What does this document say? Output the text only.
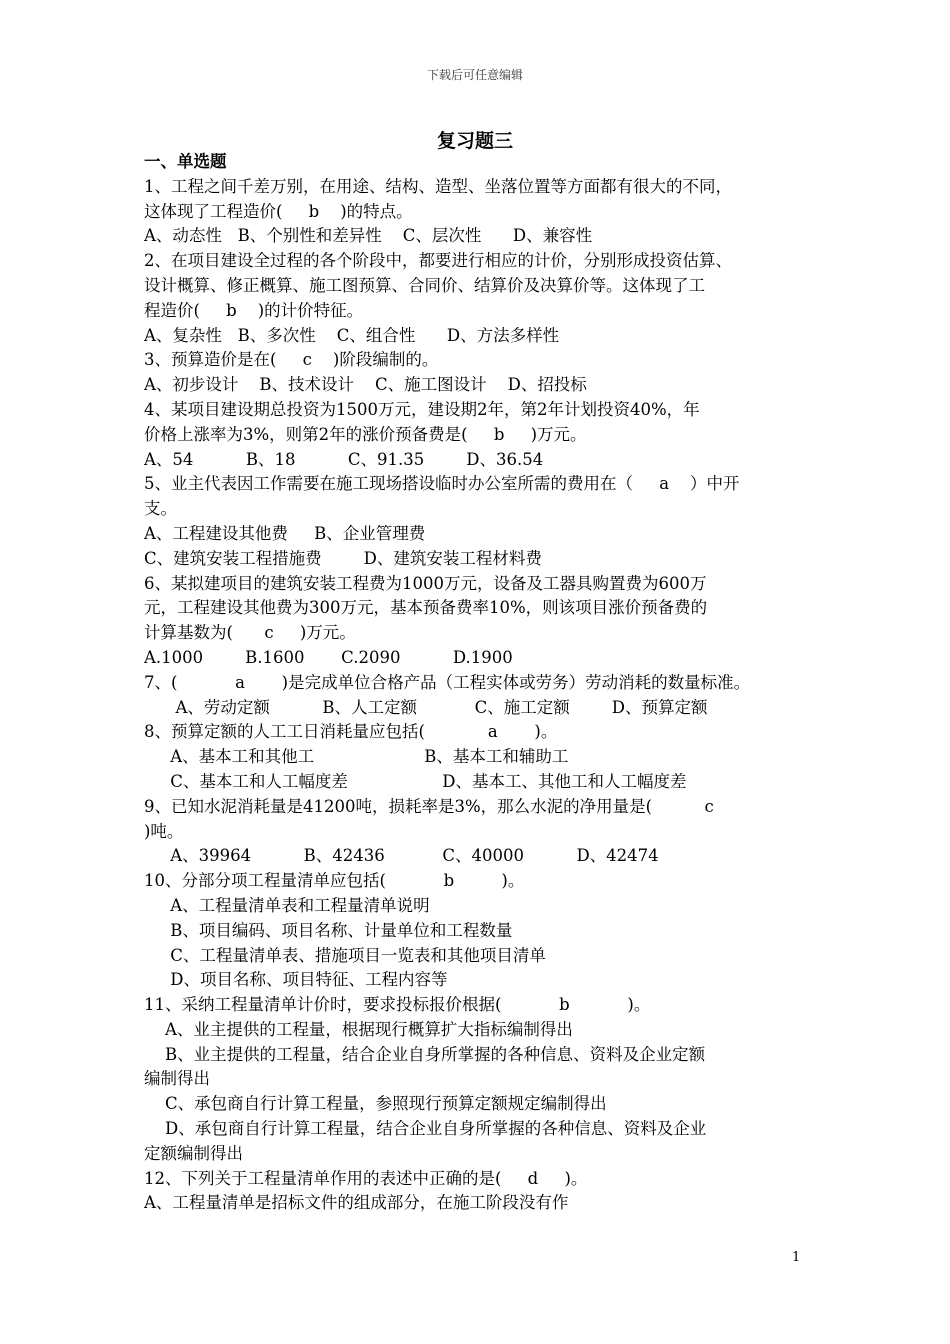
下载后可任意编辑
复习题三

一、单选题

1、工程之间千差万别，在用途、结构、造型、坐落位置等方面都有很大的不同，

这体现了工程造价(     b    )的特点。

A、动态性   B、个别性和差异性    C、层次性      D、兼容性

2、在项目建设全过程的各个阶段中，都要进行相应的计价，分别形成投资估算、

设计概算、修正概算、施工图预算、合同价、结算价及决算价等。这体现了工

程造价(     b    )的计价特征。

A、复杂性   B、多次性    C、组合性      D、方法多样性

3、预算造价是在(     c    )阶段编制的。

A、初步设计    B、技术设计    C、施工图设计    D、招投标

4、某项目建设期总投资为1500万元，建设期2年，第2年计划投资40%，年

价格上涨率为3%，则第2年的涨价预备费是(     b     )万元。

A、54          B、18          C、91.35        D、36.54

5、业主代表因工作需要在施工现场搭设临时办公室所需的费用在（     a    ）中开

支。

A、工程建设其他费     B、企业管理费

C、建筑安装工程措施费        D、建筑安装工程材料费

6、某拟建项目的建筑安装工程费为1000万元，设备及工器具购置费为600万

元，工程建设其他费为300万元，基本预备费率10%，则该项目涨价预备费的

计算基数为(      c     )万元。

A.1000        B.1600       C.2090          D.1900

7、(           a       )是完成单位合格产品（工程实体或劳务）劳动消耗的数量标准。

A、劳动定额          B、人工定额           C、施工定额        D、预算定额

8、预算定额的人工工日消耗量应包括(            a       )。

A、基本工和其他工                     B、基本工和辅助工

C、基本工和人工幅度差                  D、基本工、其他工和人工幅度差

9、已知水泥消耗量是41200吨，损耗率是3%，那么水泥的净用量是(          c

)吨。

A、39964          B、42436           C、40000          D、42474

10、分部分项工程量清单应包括(           b         )。

A、工程量清单表和工程量清单说明

B、项目编码、项目名称、计量单位和工程数量

C、工程量清单表、措施项目一览表和其他项目清单

D、项目名称、项目特征、工程内容等

11、采纳工程量清单计价时，要求投标报价根据(           b           )。

A、业主提供的工程量，根据现行概算扩大指标编制得出

B、业主提供的工程量，结合企业自身所掌握的各种信息、资料及企业定额

编制得出

C、承包商自行计算工程量，参照现行预算定额规定编制得出

D、承包商自行计算工程量，结合企业自身所掌握的各种信息、资料及企业

定额编制得出

12、下列关于工程量清单作用的表述中正确的是(     d     )。

A、工程量清单是招标文件的组成部分，在施工阶段没有作

1
